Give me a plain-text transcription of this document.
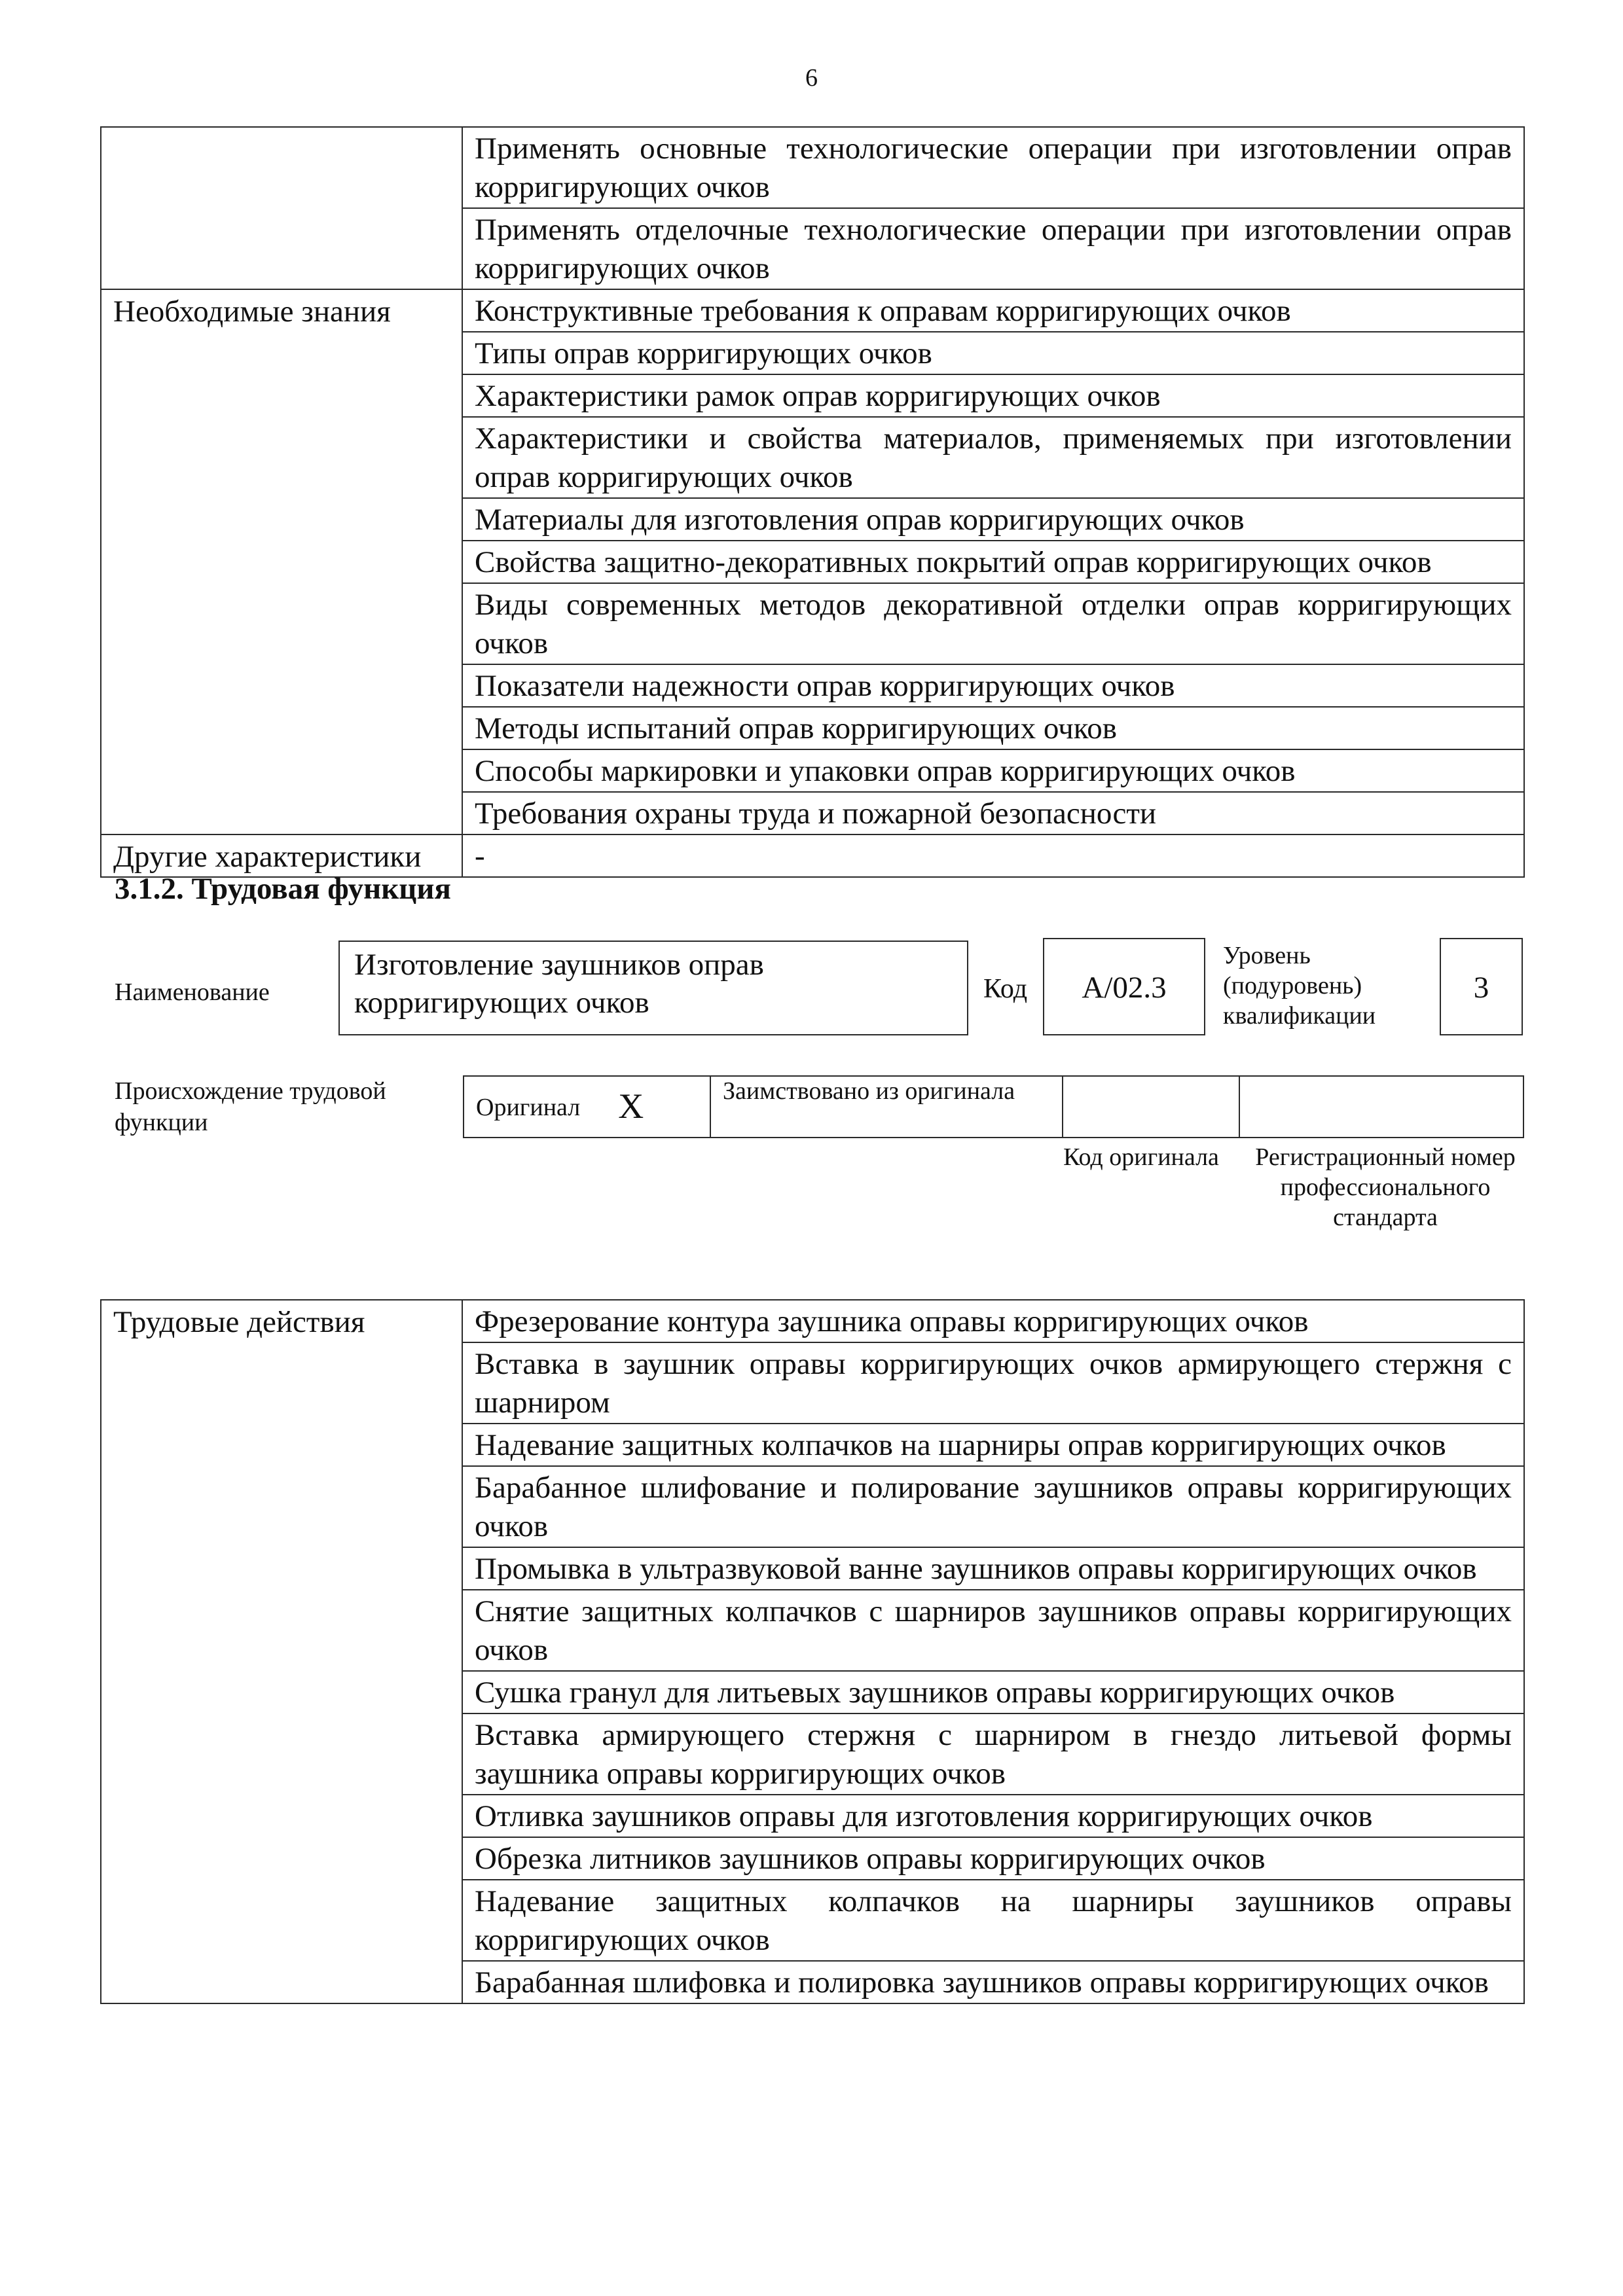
6
	Применять основные технологические операции при изготовлении оправ корригирующих очков
	Применять отделочные технологические операции при изготовлении оправ корригирующих очков
Необходимые знания	Конструктивные требования к оправам корригирующих очков
	Типы оправ корригирующих очков
	Характеристики рамок оправ корригирующих очков
	Характеристики и свойства материалов, применяемых при изготовлении оправ корригирующих очков
	Материалы для изготовления оправ корригирующих очков
	Свойства защитно-декоративных покрытий оправ корригирующих очков
	Виды современных методов декоративной отделки оправ корригирующих очков
	Показатели надежности оправ корригирующих очков
	Методы испытаний оправ корригирующих очков
	Способы маркировки и упаковки оправ корригирующих очков
	Требования охраны труда и пожарной безопасности
Другие характеристики	-
3.1.2. Трудовая функция
Наименование
Изготовление заушников оправ корригирующих очков	Код	A/02.3
Уровень
(подуровень)
квалификации
3
Происхождение трудовой функции
Оригинал X	Заимствовано из оригинала		
Код оригинала Регистрационный номер профессионального стандарта
Трудовые действия	Фрезерование контура заушника оправы корригирующих очков
Вставка в заушник оправы корригирующих очков армирующего стержня с шарниром
Надевание защитных колпачков на шарниры оправ корригирующих очков
Барабанное шлифование и полирование заушников оправы корригирующих очков
Промывка в ультразвуковой ванне заушников оправы корригирующих очков
Снятие защитных колпачков с шарниров заушников оправы корригирующих очков
Сушка гранул для литьевых заушников оправы корригирующих очков
Вставка армирующего стержня с шарниром в гнездо литьевой формы заушника оправы корригирующих очков
Отливка заушников оправы для изготовления корригирующих очков
Обрезка литников заушников оправы корригирующих очков
Надевание защитных колпачков на шарниры заушников оправы корригирующих очков
Барабанная шлифовка и полировка заушников оправы корригирующих очков
